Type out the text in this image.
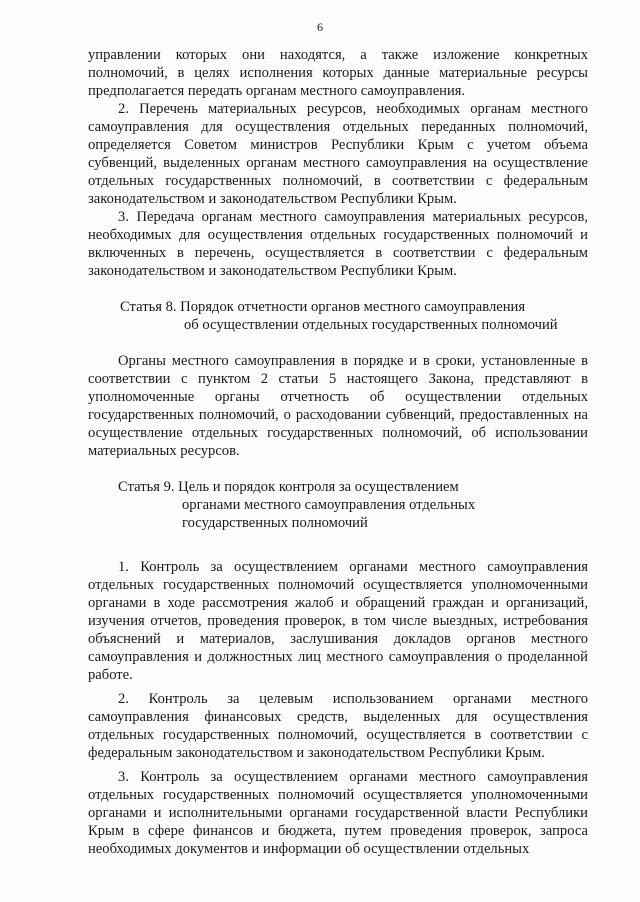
6

управлении которых они находятся, а также изложение конкретных полномочий, в целях исполнения которых данные материальные ресурсы предполагается передать органам местного самоуправления.

2. Перечень материальных ресурсов, необходимых органам местного самоуправления для осуществления отдельных переданных полномочий, определяется Советом министров Республики Крым с учетом объема субвенций, выделенных органам местного самоуправления на осуществление отдельных государственных полномочий, в соответствии с федеральным законодательством и законодательством Республики Крым.

3. Передача органам местного самоуправления материальных ресурсов, необходимых для осуществления отдельных государственных полномочий и включенных в перечень, осуществляется в соответствии с федеральным законодательством и законодательством Республики Крым.

Статья 8. Порядок отчетности органов местного самоуправления
об осуществлении отдельных государственных полномочий

Органы местного самоуправления в порядке и в сроки, установленные в соответствии с пунктом 2 статьи 5 настоящего Закона, представляют в уполномоченные органы отчетность об осуществлении отдельных государственных полномочий, о расходовании субвенций, предоставленных на осуществление отдельных государственных полномочий, об использовании материальных ресурсов.

Статья 9. Цель и порядок контроля за осуществлением
органами местного самоуправления отдельных
государственных полномочий

1. Контроль за осуществлением органами местного самоуправления отдельных государственных полномочий осуществляется уполномоченными органами в ходе рассмотрения жалоб и обращений граждан и организаций, изучения отчетов, проведения проверок, в том числе выездных, истребования объяснений и материалов, заслушивания докладов органов местного самоуправления и должностных лиц местного самоуправления о проделанной работе.

2. Контроль за целевым использованием органами местного самоуправления финансовых средств, выделенных для осуществления отдельных государственных полномочий, осуществляется в соответствии с федеральным законодательством и законодательством Республики Крым.

3. Контроль за осуществлением органами местного самоуправления отдельных государственных полномочий осуществляется уполномоченными органами и исполнительными органами государственной власти Республики Крым в сфере финансов и бюджета, путем проведения проверок, запроса необходимых документов и информации об осуществлении отдельных
